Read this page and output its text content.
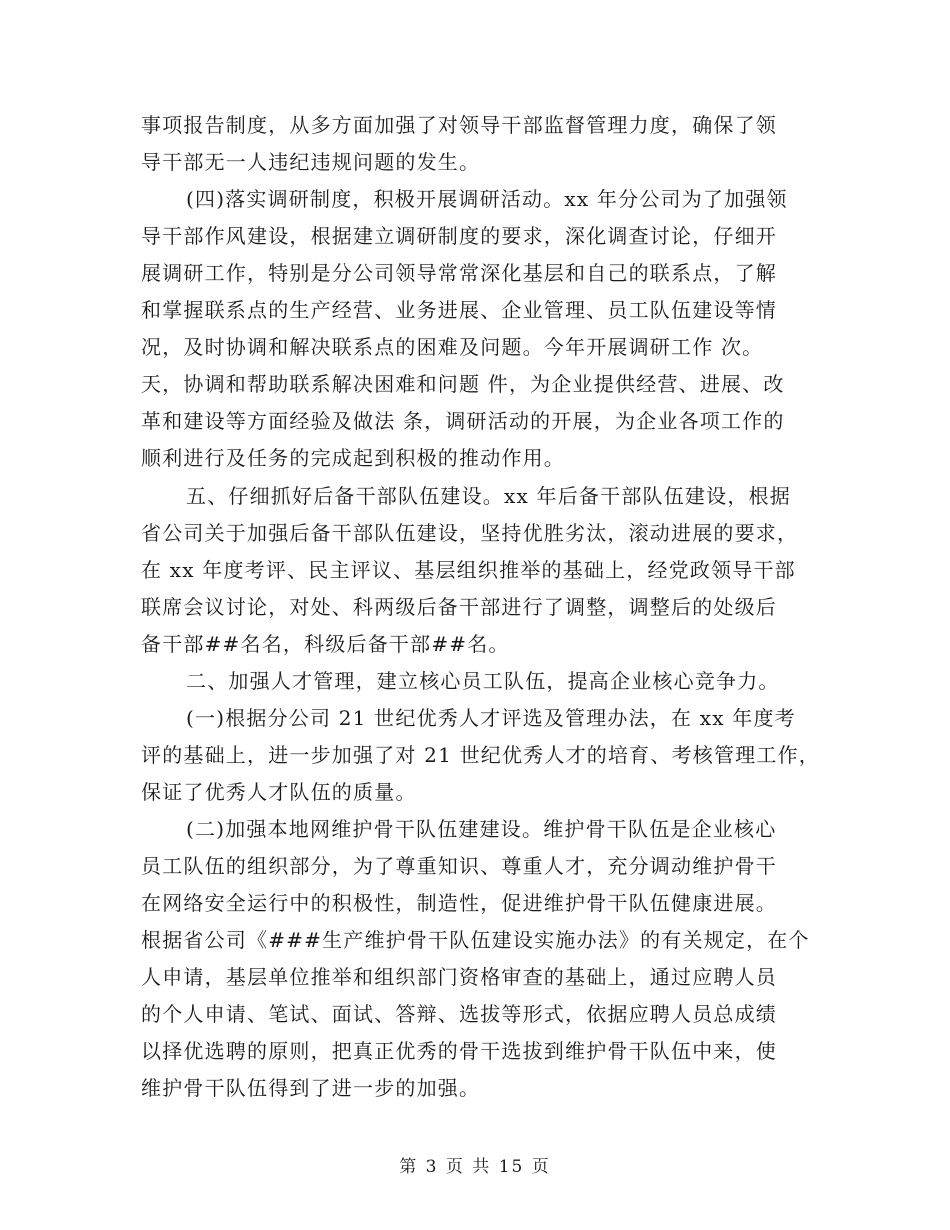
事项报告制度，从多方面加强了对领导干部监督管理力度，确保了领
导干部无一人违纪违规问题的发生。
(四)落实调研制度，积极开展调研活动。xx 年分公司为了加强领
导干部作风建设，根据建立调研制度的要求，深化调查讨论，仔细开
展调研工作，特别是分公司领导常常深化基层和自己的联系点，了解
和掌握联系点的生产经营、业务进展、企业管理、员工队伍建设等情
况，及时协调和解决联系点的困难及问题。今年开展调研工作 次。
天，协调和帮助联系解决困难和问题 件，为企业提供经营、进展、改
革和建设等方面经验及做法 条，调研活动的开展，为企业各项工作的
顺利进行及任务的完成起到积极的推动作用。
五、仔细抓好后备干部队伍建设。xx 年后备干部队伍建设，根据
省公司关于加强后备干部队伍建设，坚持优胜劣汰，滚动进展的要求，
在 xx 年度考评、民主评议、基层组织推举的基础上，经党政领导干部
联席会议讨论，对处、科两级后备干部进行了调整，调整后的处级后
备干部##名名，科级后备干部##名。
二、加强人才管理，建立核心员工队伍，提高企业核心竞争力。
(一)根据分公司 21 世纪优秀人才评选及管理办法，在 xx 年度考
评的基础上，进一步加强了对 21 世纪优秀人才的培育、考核管理工作，
保证了优秀人才队伍的质量。
(二)加强本地网维护骨干队伍建建设。维护骨干队伍是企业核心
员工队伍的组织部分，为了尊重知识、尊重人才，充分调动维护骨干
在网络安全运行中的积极性，制造性，促进维护骨干队伍健康进展。
根据省公司《###生产维护骨干队伍建设实施办法》的有关规定，在个
人申请，基层单位推举和组织部门资格审查的基础上，通过应聘人员
的个人申请、笔试、面试、答辩、选拔等形式，依据应聘人员总成绩
以择优选聘的原则，把真正优秀的骨干选拔到维护骨干队伍中来，使
维护骨干队伍得到了进一步的加强。
第 3 页 共 15 页
